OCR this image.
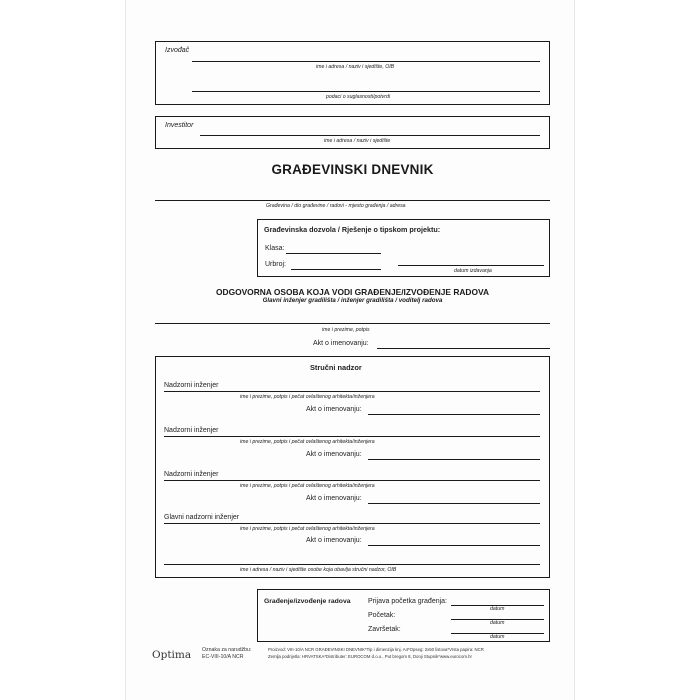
Izvođač
ime i adresa / naziv i sjedište, OIB
podaci o suglasnosti/potvrdi
Investitor
ime i adresa / naziv i sjedište
GRAĐEVINSKI DNEVNIK
Građevina / dio građevine / radovi - mjesto građenja / adresa
Građevinska dozvola / Rješenje o tipskom projektu:
Klasa:
Urbroj:
datum izdavanja
ODGOVORNA OSOBA KOJA VODI GRAĐENJE/IZVOĐENJE RADOVA
Glavni inženjer gradilišta / inženjer gradilišta / voditelj radova
ime i prezime, potpis
Akt o imenovanju:
Stručni nadzor
Nadzorni inženjer
ime i prezime, potpis i pečat ovlaštenog arhitekta/inženjera
Akt o imenovanju:
Nadzorni inženjer
ime i prezime, potpis i pečat ovlaštenog arhitekta/inženjera
Akt o imenovanju:
Nadzorni inženjer
ime i prezime, potpis i pečat ovlaštenog arhitekta/inženjera
Akt o imenovanju:
Glavni nadzorni inženjer
ime i prezime, potpis i pečat ovlaštenog arhitekta/inženjera
Akt o imenovanju:
ime i adresa / naziv i sjedište osobe koja obavlja stručni nadzor, OIB
Građenje/izvođenje radova Prijava početka građenja:
datum
Početak:
datum
Završetak:
datum
Optima Oznaka za narudžbu:
EC-VIII-10/A NCR
Proizvod: VIII-10/A NCR GRAĐEVINSKI DNEVNIK*Tip i dimenzija knj. A4*Opseg: 2x50 listova*Vrsta papira: NCR
Zemlja podrijetla: HRVATSKA*Distributer: EUROCOM d.o.o., Put bregom 8, Donji Stupnik*www.eurocom.hr
